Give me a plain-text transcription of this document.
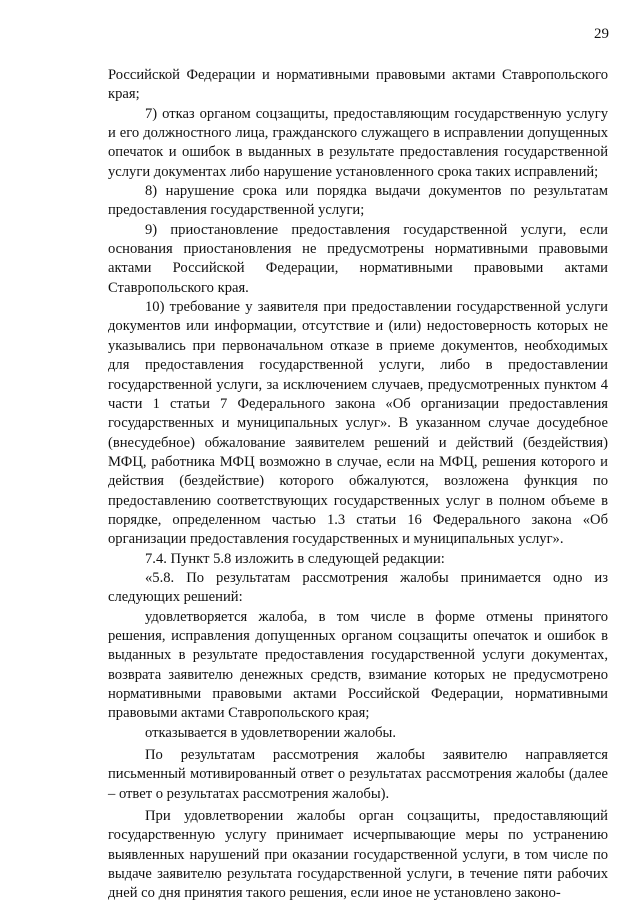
29

Российской Федерации и нормативными правовыми актами Ставропольского края;

7) отказ органом соцзащиты, предоставляющим государственную услугу и его должностного лица, гражданского служащего в исправлении допущенных опечаток и ошибок в выданных в результате предоставления государственной услуги документах либо нарушение установленного срока таких исправлений;

8) нарушение срока или порядка выдачи документов по результатам предоставления государственной услуги;

9) приостановление предоставления государственной услуги, если основания приостановления не предусмотрены нормативными правовыми актами Российской Федерации, нормативными правовыми актами Ставропольского края.

10) требование у заявителя при предоставлении государственной услуги документов или информации, отсутствие и (или) недостоверность которых не указывались при первоначальном отказе в приеме документов, необходимых для предоставления государственной услуги, либо в предоставлении государственной услуги, за исключением случаев, предусмотренных пунктом 4 части 1 статьи 7 Федерального закона «Об организации предоставления государственных и муниципальных услуг». В указанном случае досудебное (внесудебное) обжалование заявителем решений и действий (бездействия) МФЦ, работника МФЦ возможно в случае, если на МФЦ, решения которого и действия (бездействие) которого обжалуются, возложена функция по предоставлению соответствующих государственных услуг в полном объеме в порядке, определенном частью 1.3 статьи 16 Федерального закона «Об организации предоставления государственных и муниципальных услуг».

7.4. Пункт 5.8 изложить в следующей редакции:

«5.8. По результатам рассмотрения жалобы принимается одно из следующих решений:

удовлетворяется жалоба, в том числе в форме отмены принятого решения, исправления допущенных органом соцзащиты опечаток и ошибок в выданных в результате предоставления государственной услуги документах, возврата заявителю денежных средств, взимание которых не предусмотрено нормативными правовыми актами Российской Федерации, нормативными правовыми актами Ставропольского края;

отказывается в удовлетворении жалобы.

По результатам рассмотрения жалобы заявителю направляется письменный мотивированный ответ о результатах рассмотрения жалобы (далее – ответ о результатах рассмотрения жалобы).

При удовлетворении жалобы орган соцзащиты, предоставляющий государственную услугу принимает исчерпывающие меры по устранению выявленных нарушений при оказании государственной услуги, в том числе по выдаче заявителю результата государственной услуги, в течение пяти рабочих дней со дня принятия такого решения, если иное не установлено законо-
